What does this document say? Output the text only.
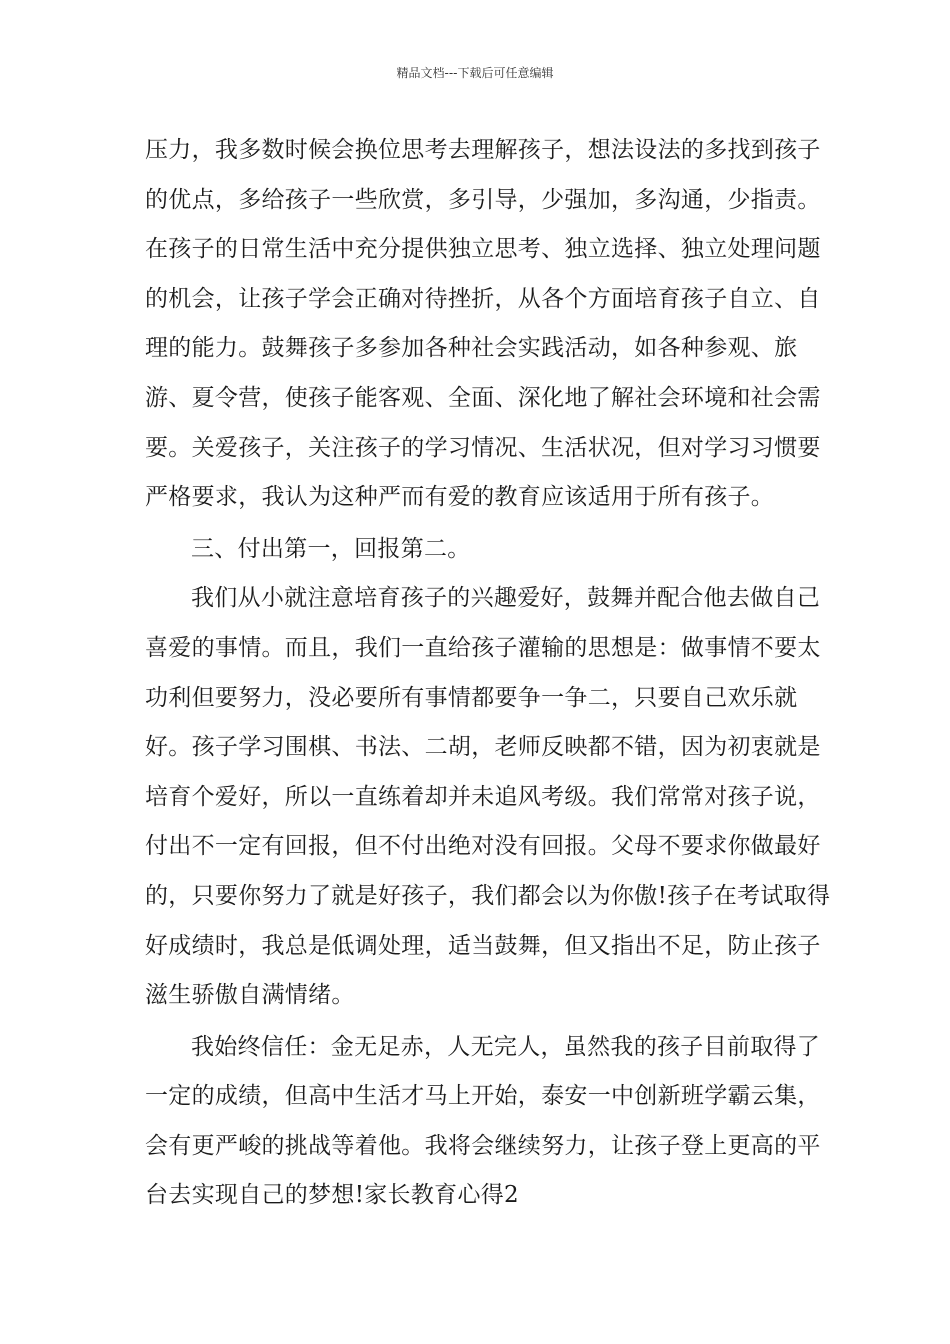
精品文档---下载后可任意编辑

压力，我多数时候会换位思考去理解孩子，想法设法的多找到孩子的优点，多给孩子一些欣赏，多引导，少强加，多沟通，少指责。在孩子的日常生活中充分提供独立思考、独立选择、独立处理问题的机会，让孩子学会正确对待挫折，从各个方面培育孩子自立、自理的能力。鼓舞孩子多参加各种社会实践活动，如各种参观、旅游、夏令营，使孩子能客观、全面、深化地了解社会环境和社会需要。关爱孩子，关注孩子的学习情况、生活状况，但对学习习惯要严格要求，我认为这种严而有爱的教育应该适用于所有孩子。

三、付出第一，回报第二。

我们从小就注意培育孩子的兴趣爱好，鼓舞并配合他去做自己喜爱的事情。而且，我们一直给孩子灌输的思想是：做事情不要太功利但要努力，没必要所有事情都要争一争二，只要自己欢乐就好。孩子学习围棋、书法、二胡，老师反映都不错，因为初衷就是培育个爱好，所以一直练着却并未追风考级。我们常常对孩子说，付出不一定有回报，但不付出绝对没有回报。父母不要求你做最好的，只要你努力了就是好孩子，我们都会以为你傲!孩子在考试取得好成绩时，我总是低调处理，适当鼓舞，但又指出不足，防止孩子滋生骄傲自满情绪。

我始终信任：金无足赤，人无完人，虽然我的孩子目前取得了一定的成绩，但高中生活才马上开始，泰安一中创新班学霸云集，会有更严峻的挑战等着他。我将会继续努力，让孩子登上更高的平台去实现自己的梦想!家长教育心得2
